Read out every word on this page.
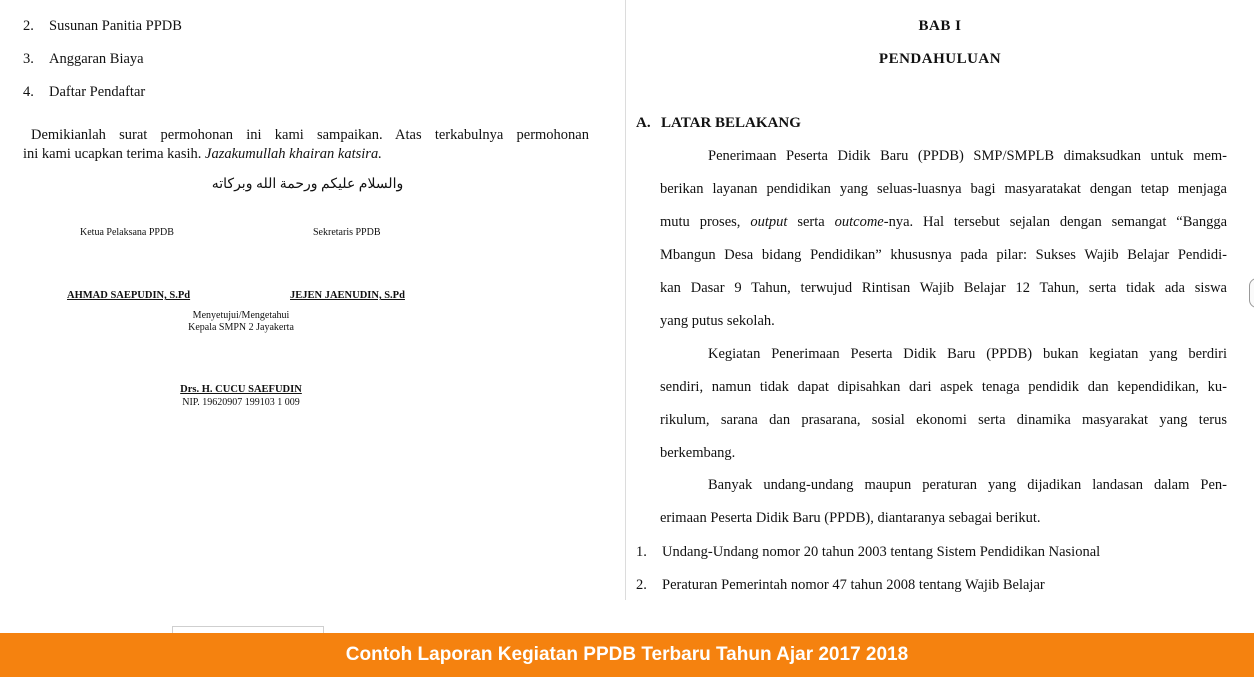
2. Susunan Panitia PPDB
3. Anggaran Biaya
4. Daftar Pendaftar
Demikianlah surat permohonan ini kami sampaikan. Atas terkabulnya permohonan
ini kami ucapkan terima kasih. Jazakumullah khairan katsira.
والسلام عليكم ورحمة الله وبركاته
Ketua Pelaksana PPDB	Sekretaris PPDB
AHMAD SAEPUDIN, S.Pd	JEJEN JAENUDIN, S.Pd
Menyetujui/Mengetahui
Kepala SMPN 2 Jayakerta
Drs. H. CUCU SAEFUDIN
NIP. 19620907 199103 1 009
BAB I
PENDAHULUAN
A. LATAR BELAKANG
Penerimaan Peserta Didik Baru (PPDB) SMP/SMPLB dimaksudkan untuk mem-
berikan layanan pendidikan yang seluas-luasnya bagi masyaratakat dengan tetap menjaga
mutu proses, output serta outcome-nya. Hal tersebut sejalan dengan semangat “Bangga
Mbangun Desa bidang Pendidikan” khususnya pada pilar: Sukses Wajib Belajar Pendidi-
kan Dasar 9 Tahun, terwujud Rintisan Wajib Belajar 12 Tahun, serta tidak ada siswa
yang putus sekolah.
Kegiatan Penerimaan Peserta Didik Baru (PPDB) bukan kegiatan yang berdiri
sendiri, namun tidak dapat dipisahkan dari aspek tenaga pendidik dan kependidikan, ku-
rikulum, sarana dan prasarana, sosial ekonomi serta dinamika masyarakat yang terus
berkembang.
Banyak undang-undang maupun peraturan yang dijadikan landasan dalam Pen-
erimaan Peserta Didik Baru (PPDB), diantaranya sebagai berikut.
1. Undang-Undang nomor 20 tahun 2003 tentang Sistem Pendidikan Nasional
2. Peraturan Pemerintah nomor 47 tahun 2008 tentang Wajib Belajar
Contoh Laporan Kegiatan PPDB Terbaru Tahun Ajar 2017 2018
